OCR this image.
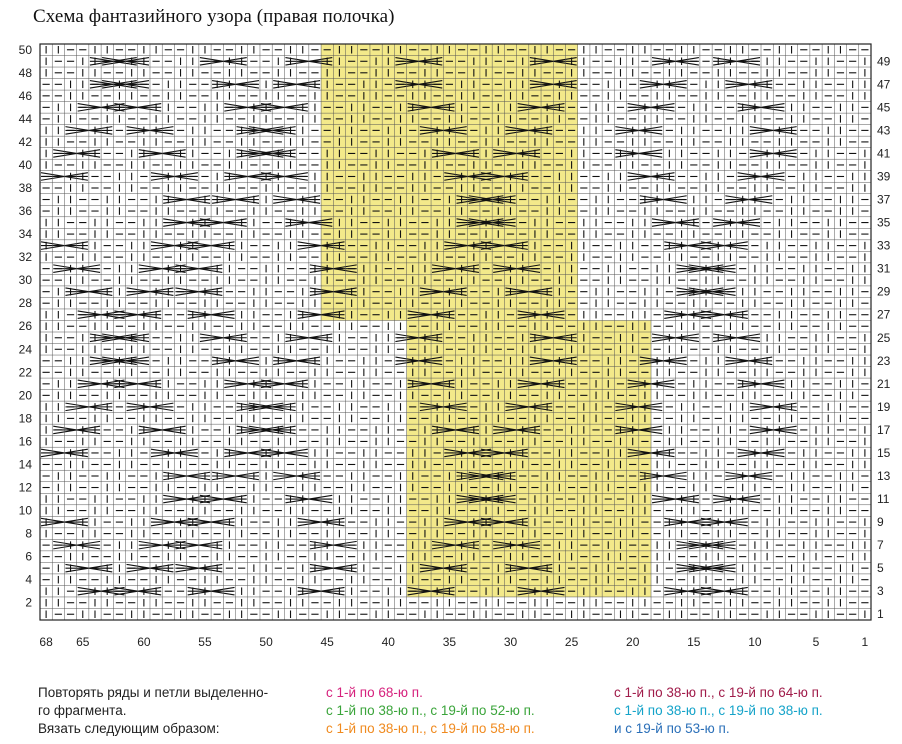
Схема фантазийного узора (правая полочка)
50
48
46
44
42
40
38
36
34
32
30
28
26
24
22
20
18
16
14
12
10
8
6
4
2
49
47
45
43
41
39
37
35
33
31
29
27
25
23
21
19
17
15
13
11
9
7
5
3
1
68 65	60	55	50	45	40	35	30	25	20	15	10	5	1
Повторять ряды и петли выделенно-
го фрагмента.
Вязать следующим образом:
с 1-й по 68-ю п.
с 1-й по 38-ю п., с 19-й по 52-ю п.
с 1-й по 38-ю п., с 19-й по 58-ю п.
с 1-й по 38-ю п., с 19-й по 64-ю п.
с 1-й по 38-ю п., с 19-й по 38-ю п.
и с 19-й по 53-ю п.
